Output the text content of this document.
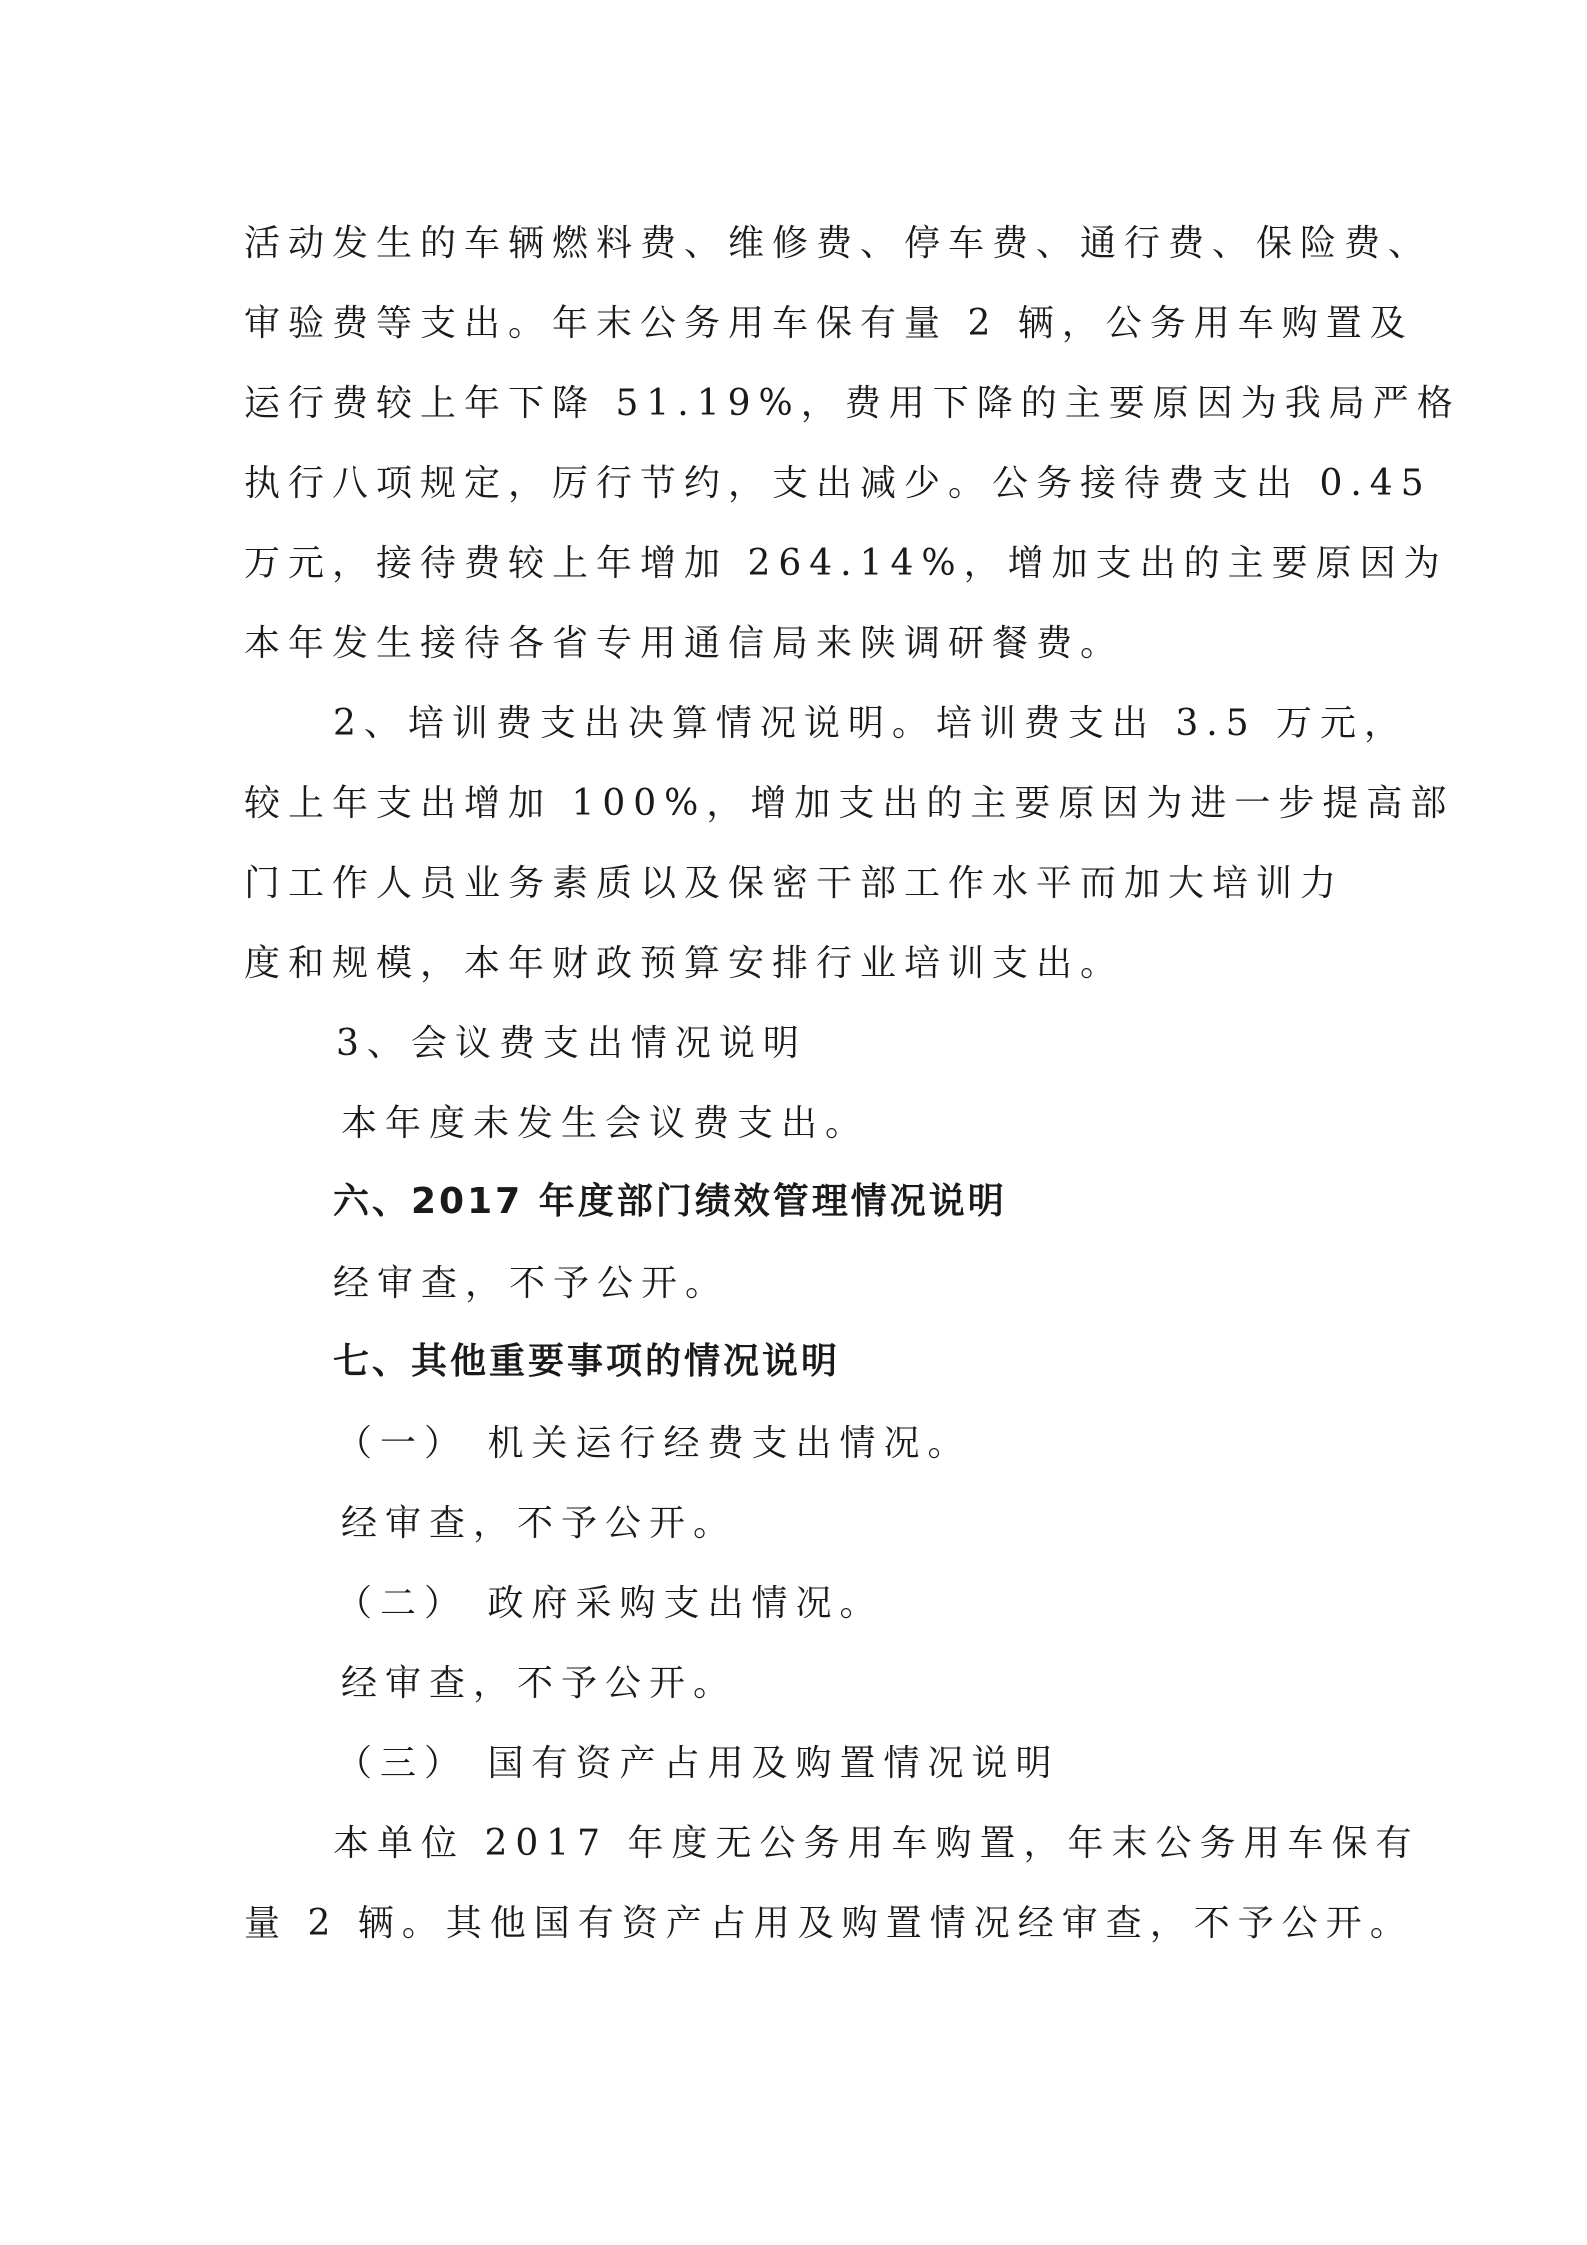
活动发生的车辆燃料费、维修费、停车费、通行费、保险费、
审验费等支出。年末公务用车保有量 2 辆，公务用车购置及
运行费较上年下降 51.19%，费用下降的主要原因为我局严格
执行八项规定，厉行节约，支出减少。公务接待费支出 0.45
万元，接待费较上年增加 264.14%，增加支出的主要原因为
本年发生接待各省专用通信局来陕调研餐费。
2、培训费支出决算情况说明。培训费支出 3.5 万元，
较上年支出增加 100%，增加支出的主要原因为进一步提高部
门工作人员业务素质以及保密干部工作水平而加大培训力
度和规模，本年财政预算安排行业培训支出。
3、会议费支出情况说明
本年度未发生会议费支出。
六、2017 年度部门绩效管理情况说明
经审查，不予公开。
七、其他重要事项的情况说明
（一） 机关运行经费支出情况。
经审查，不予公开。
（二） 政府采购支出情况。
经审查，不予公开。
（三） 国有资产占用及购置情况说明
本单位 2017 年度无公务用车购置，年末公务用车保有
量 2 辆。其他国有资产占用及购置情况经审查，不予公开。
